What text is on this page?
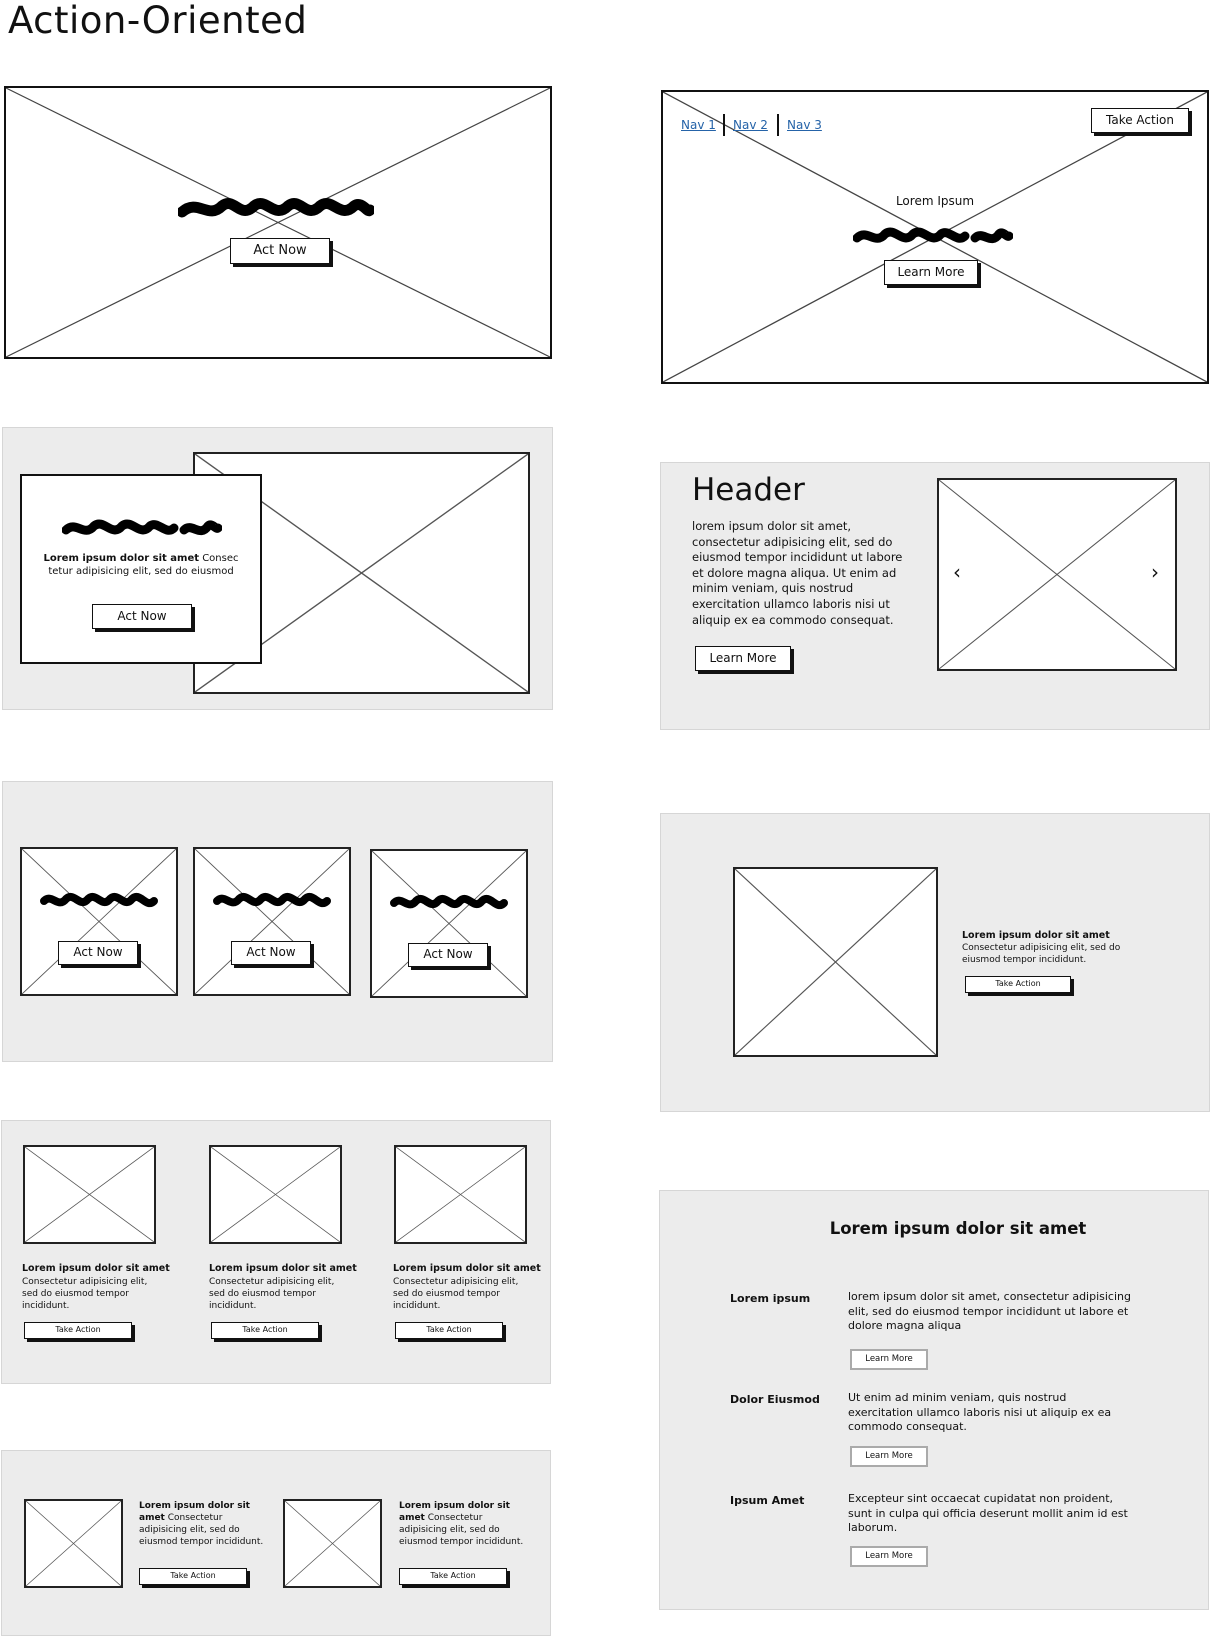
Action-Oriented
Act Now
Nav 1 Nav 2 Nav 3	Take Action
Lorem Ipsum
Learn More
Lorem ipsum dolor sit amet Consec tetur adipisicing elit, sed do eiusmod
Act Now
Header
lorem ipsum dolor sit amet, consectetur adipisicing elit, sed do eiusmod tempor incididunt ut labore et dolore magna aliqua. Ut enim ad minim veniam, quis nostrud exercitation ullamco laboris nisi ut aliquip ex ea commodo consequat.
Learn More
‹	›
Act Now	Act Now	Act Now
Lorem ipsum dolor sit amet
Consectetur adipisicing elit, sed do eiusmod tempor incididunt.
Take Action
Lorem ipsum dolor sit amet
Consectetur adipisicing elit, sed do eiusmod tempor incididunt.
Take Action
Lorem ipsum dolor sit amet
Consectetur adipisicing elit, sed do eiusmod tempor incididunt.
Take Action
Lorem ipsum dolor sit amet
Consectetur adipisicing elit, sed do eiusmod tempor incididunt.
Take Action
Lorem ipsum dolor sit amet
Lorem ipsum	lorem ipsum dolor sit amet, consectetur adipisicing elit, sed do eiusmod tempor incididunt ut labore et dolore magna aliqua
Learn More
Dolor Eiusmod	Ut enim ad minim veniam, quis nostrud exercitation ullamco laboris nisi ut aliquip ex ea commodo consequat.
Learn More
Ipsum Amet	Excepteur sint occaecat cupidatat non proident, sunt in culpa qui officia deserunt mollit anim id est laborum.
Learn More
Lorem ipsum dolor sit amet Consectetur adipisicing elit, sed do eiusmod tempor incididunt.
Take Action
Lorem ipsum dolor sit amet Consectetur adipisicing elit, sed do eiusmod tempor incididunt.
Take Action
